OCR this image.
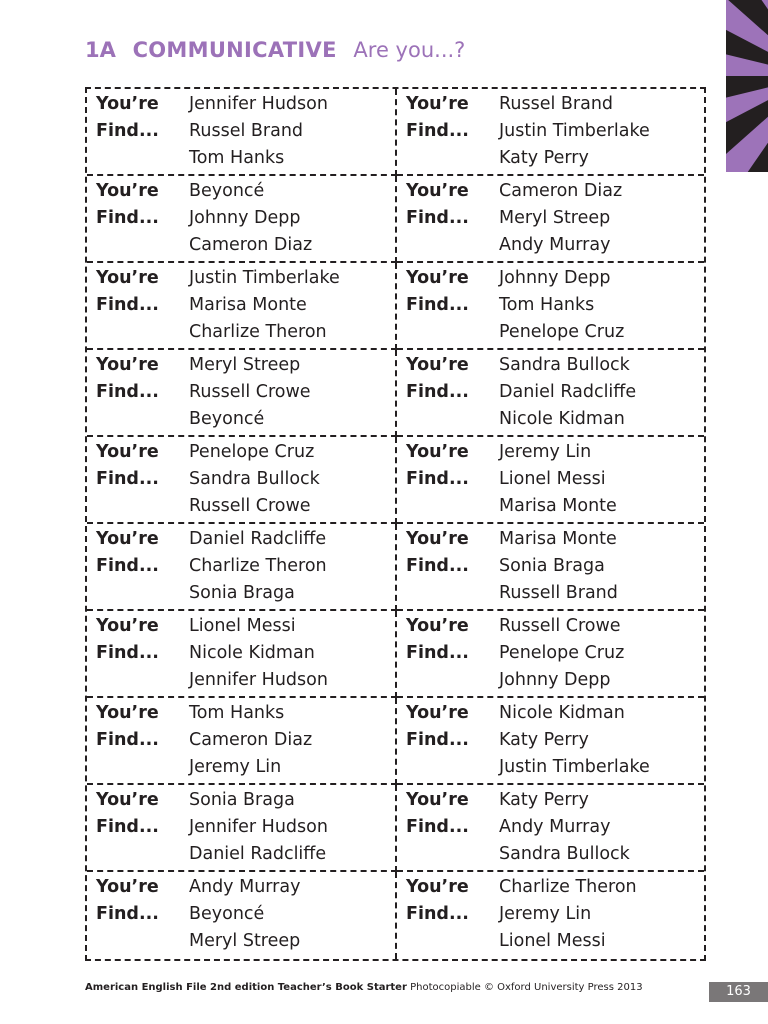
1A COMMUNICATIVE Are you...?
You’re Jennifer Hudson
Find... Russel Brand
Tom Hanks
You’re Russel Brand
Find... Justin Timberlake
Katy Perry
You’re Beyoncé
Find... Johnny Depp
Cameron Diaz
You’re Cameron Diaz
Find... Meryl Streep
Andy Murray
You’re Justin Timberlake
Find... Marisa Monte
Charlize Theron
You’re Johnny Depp
Find... Tom Hanks
Penelope Cruz
You’re Meryl Streep
Find... Russell Crowe
Beyoncé
You’re Sandra Bullock
Find... Daniel Radcliffe
Nicole Kidman
You’re Penelope Cruz
Find... Sandra Bullock
Russell Crowe
You’re Jeremy Lin
Find... Lionel Messi
Marisa Monte
You’re Daniel Radcliffe
Find... Charlize Theron
Sonia Braga
You’re Marisa Monte
Find... Sonia Braga
Russell Brand
You’re Lionel Messi
Find... Nicole Kidman
Jennifer Hudson
You’re Russell Crowe
Find... Penelope Cruz
Johnny Depp
You’re Tom Hanks
Find... Cameron Diaz
Jeremy Lin
You’re Nicole Kidman
Find... Katy Perry
Justin Timberlake
You’re Sonia Braga
Find... Jennifer Hudson
Daniel Radcliffe
You’re Katy Perry
Find... Andy Murray
Sandra Bullock
You’re Andy Murray
Find... Beyoncé
Meryl Streep
You’re Charlize Theron
Find... Jeremy Lin
Lionel Messi
American English File 2nd edition Teacher’s Book Starter Photocopiable © Oxford University Press 2013	163
